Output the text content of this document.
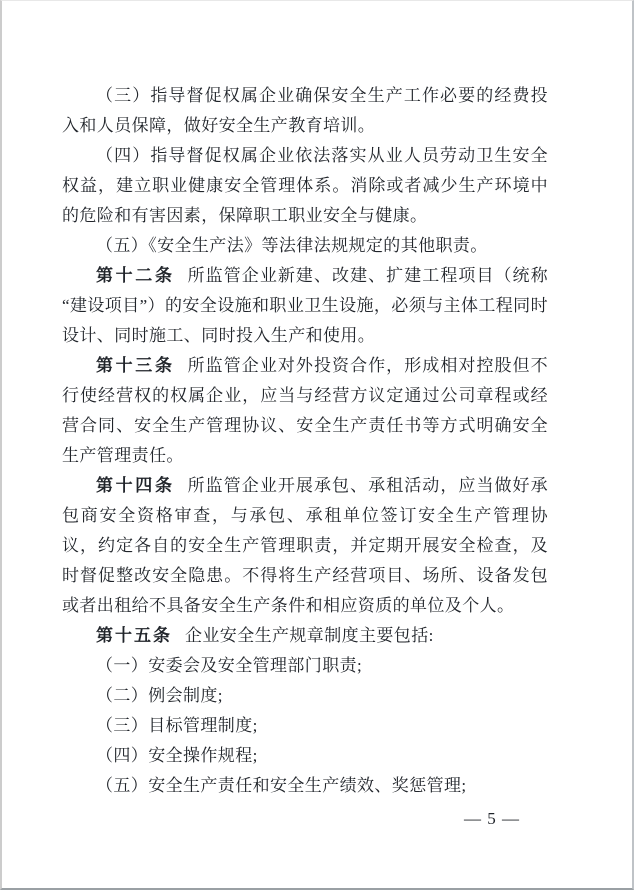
（三）指导督促权属企业确保安全生产工作必要的经费投入和人员保障，做好安全生产教育培训。

（四）指导督促权属企业依法落实从业人员劳动卫生安全权益，建立职业健康安全管理体系。消除或者减少生产环境中的危险和有害因素，保障职工职业安全与健康。

（五）《安全生产法》等法律法规规定的其他职责。

第十二条 所监管企业新建、改建、扩建工程项目（统称“建设项目”）的安全设施和职业卫生设施，必须与主体工程同时设计、同时施工、同时投入生产和使用。

第十三条 所监管企业对外投资合作，形成相对控股但不行使经营权的权属企业，应当与经营方议定通过公司章程或经营合同、安全生产管理协议、安全生产责任书等方式明确安全生产管理责任。

第十四条 所监管企业开展承包、承租活动，应当做好承包商安全资格审查，与承包、承租单位签订安全生产管理协议，约定各自的安全生产管理职责，并定期开展安全检查，及时督促整改安全隐患。不得将生产经营项目、场所、设备发包或者出租给不具备安全生产条件和相应资质的单位及个人。

第十五条 企业安全生产规章制度主要包括:

（一）安委会及安全管理部门职责;

（二）例会制度;

（三）目标管理制度;

（四）安全操作规程;

（五）安全生产责任和安全生产绩效、奖惩管理;

— 5 —
